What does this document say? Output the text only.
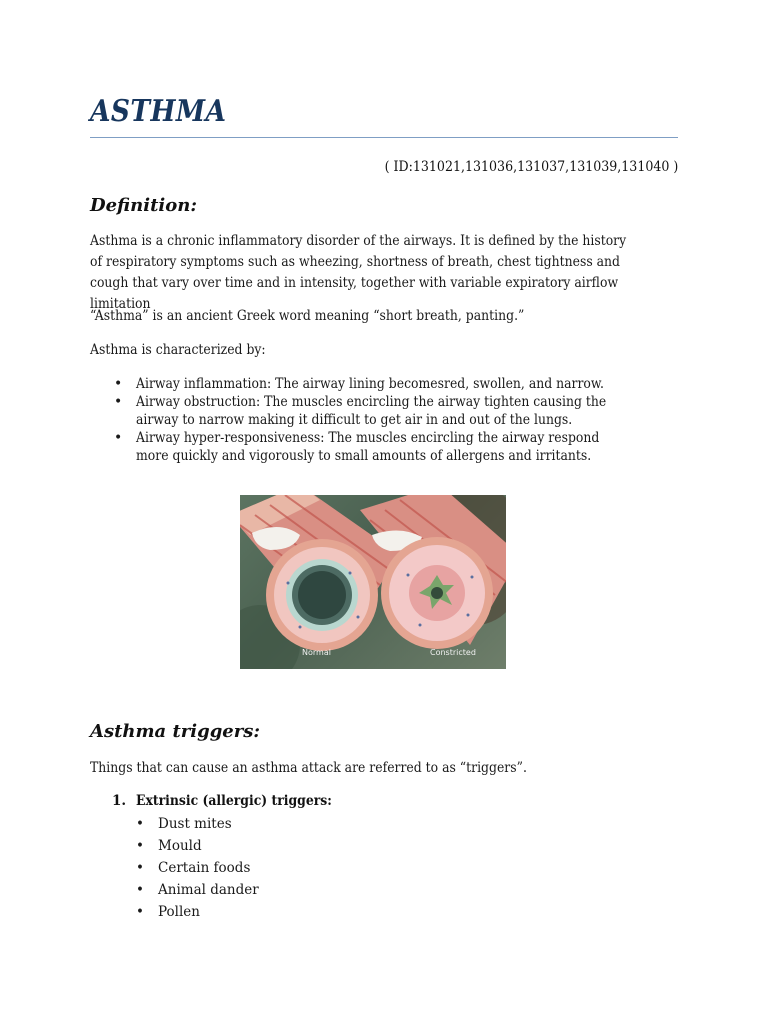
ASTHMA
( ID:131021,131036,131037,131039,131040 )
Definition:
Asthma is a chronic inflammatory disorder of the airways. It is defined by the history of respiratory symptoms such as wheezing, shortness of breath, chest tightness and cough that vary over time and in intensity, together with variable expiratory airflow limitation
“Asthma” is an ancient Greek word meaning “short breath, panting.”
Asthma is characterized by:
• Airway inflammation: The airway lining becomesred, swollen, and narrow.
• Airway obstruction: The muscles encircling the airway tighten causing the airway to narrow making it difficult to get air in and out of the lungs.
• Airway hyper-responsiveness: The muscles encircling the airway respond more quickly and vigorously to small amounts of allergens and irritants.
Normal	Constricted
Asthma triggers:
Things that can cause an asthma attack are referred to as “triggers”.
1. Extrinsic (allergic) triggers:
• Dust mites
• Mould
• Certain foods
• Animal dander
• Pollen
